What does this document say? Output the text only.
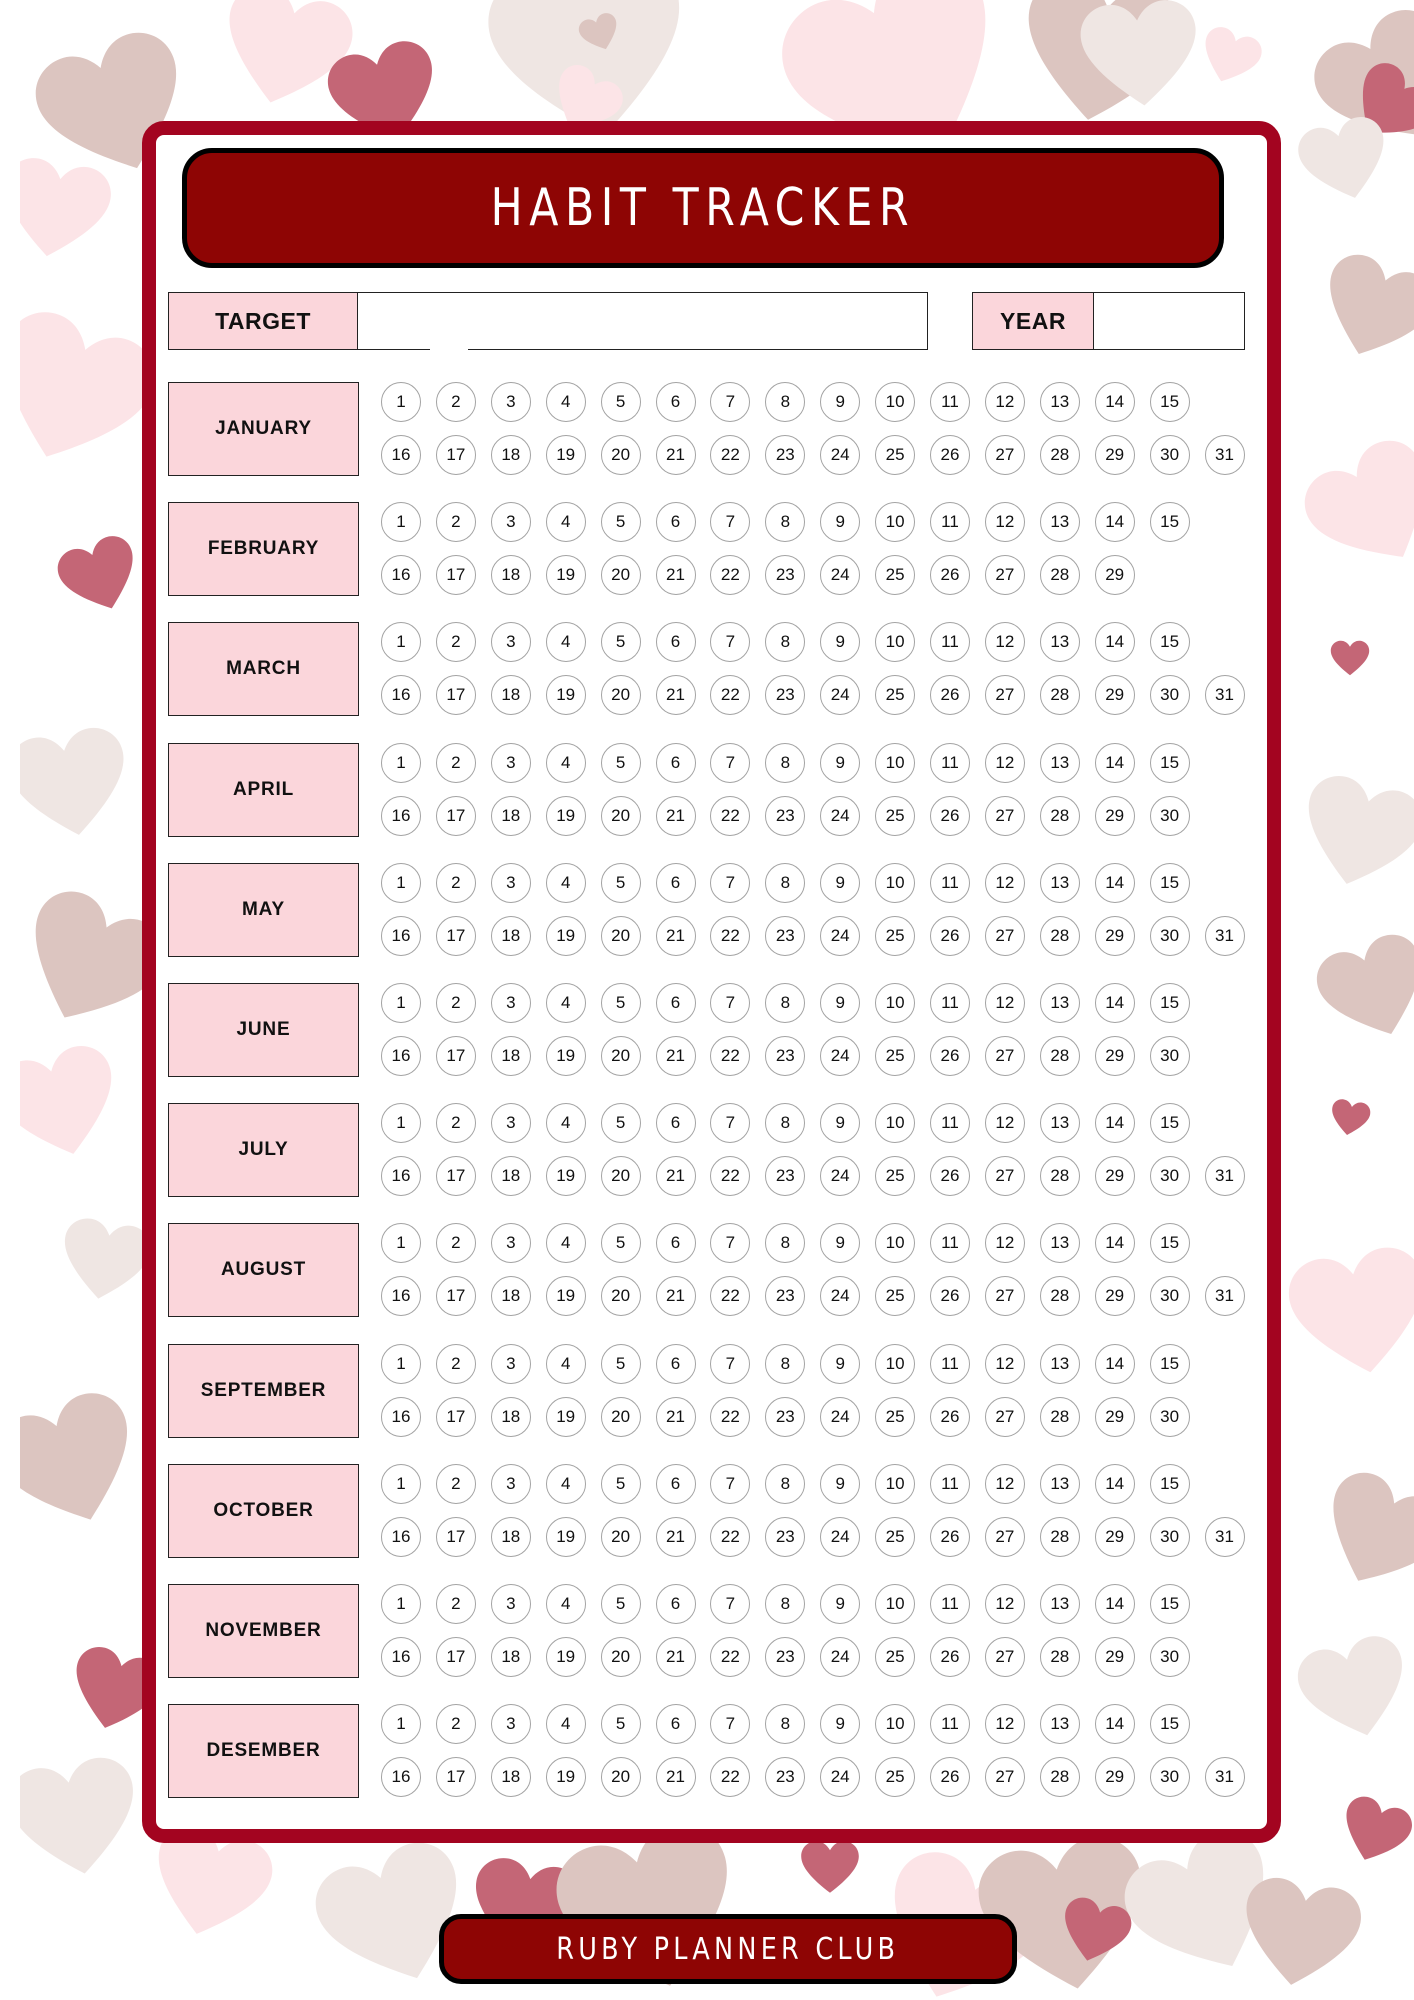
HABIT TRACKER
TARGET	YEAR
JANUARY
1	2	3	4	5	6	7	8	9	10	11	12	13	14	15
16	17	18	19	20	21	22	23	24	25	26	27	28	29	30	31
FEBRUARY
1	2	3	4	5	6	7	8	9	10	11	12	13	14	15
16	17	18	19	20	21	22	23	24	25	26	27	28	29
MARCH
1	2	3	4	5	6	7	8	9	10	11	12	13	14	15
16	17	18	19	20	21	22	23	24	25	26	27	28	29	30	31
APRIL
1	2	3	4	5	6	7	8	9	10	11	12	13	14	15
16	17	18	19	20	21	22	23	24	25	26	27	28	29	30
MAY
1	2	3	4	5	6	7	8	9	10	11	12	13	14	15
16	17	18	19	20	21	22	23	24	25	26	27	28	29	30	31
JUNE
1	2	3	4	5	6	7	8	9	10	11	12	13	14	15
16	17	18	19	20	21	22	23	24	25	26	27	28	29	30
JULY
1	2	3	4	5	6	7	8	9	10	11	12	13	14	15
16	17	18	19	20	21	22	23	24	25	26	27	28	29	30	31
AUGUST
1	2	3	4	5	6	7	8	9	10	11	12	13	14	15
16	17	18	19	20	21	22	23	24	25	26	27	28	29	30	31
SEPTEMBER
1	2	3	4	5	6	7	8	9	10	11	12	13	14	15
16	17	18	19	20	21	22	23	24	25	26	27	28	29	30
OCTOBER
1	2	3	4	5	6	7	8	9	10	11	12	13	14	15
16	17	18	19	20	21	22	23	24	25	26	27	28	29	30	31
NOVEMBER
1	2	3	4	5	6	7	8	9	10	11	12	13	14	15
16	17	18	19	20	21	22	23	24	25	26	27	28	29	30
DESEMBER
1	2	3	4	5	6	7	8	9	10	11	12	13	14	15
16	17	18	19	20	21	22	23	24	25	26	27	28	29	30	31
RUBY PLANNER CLUB
